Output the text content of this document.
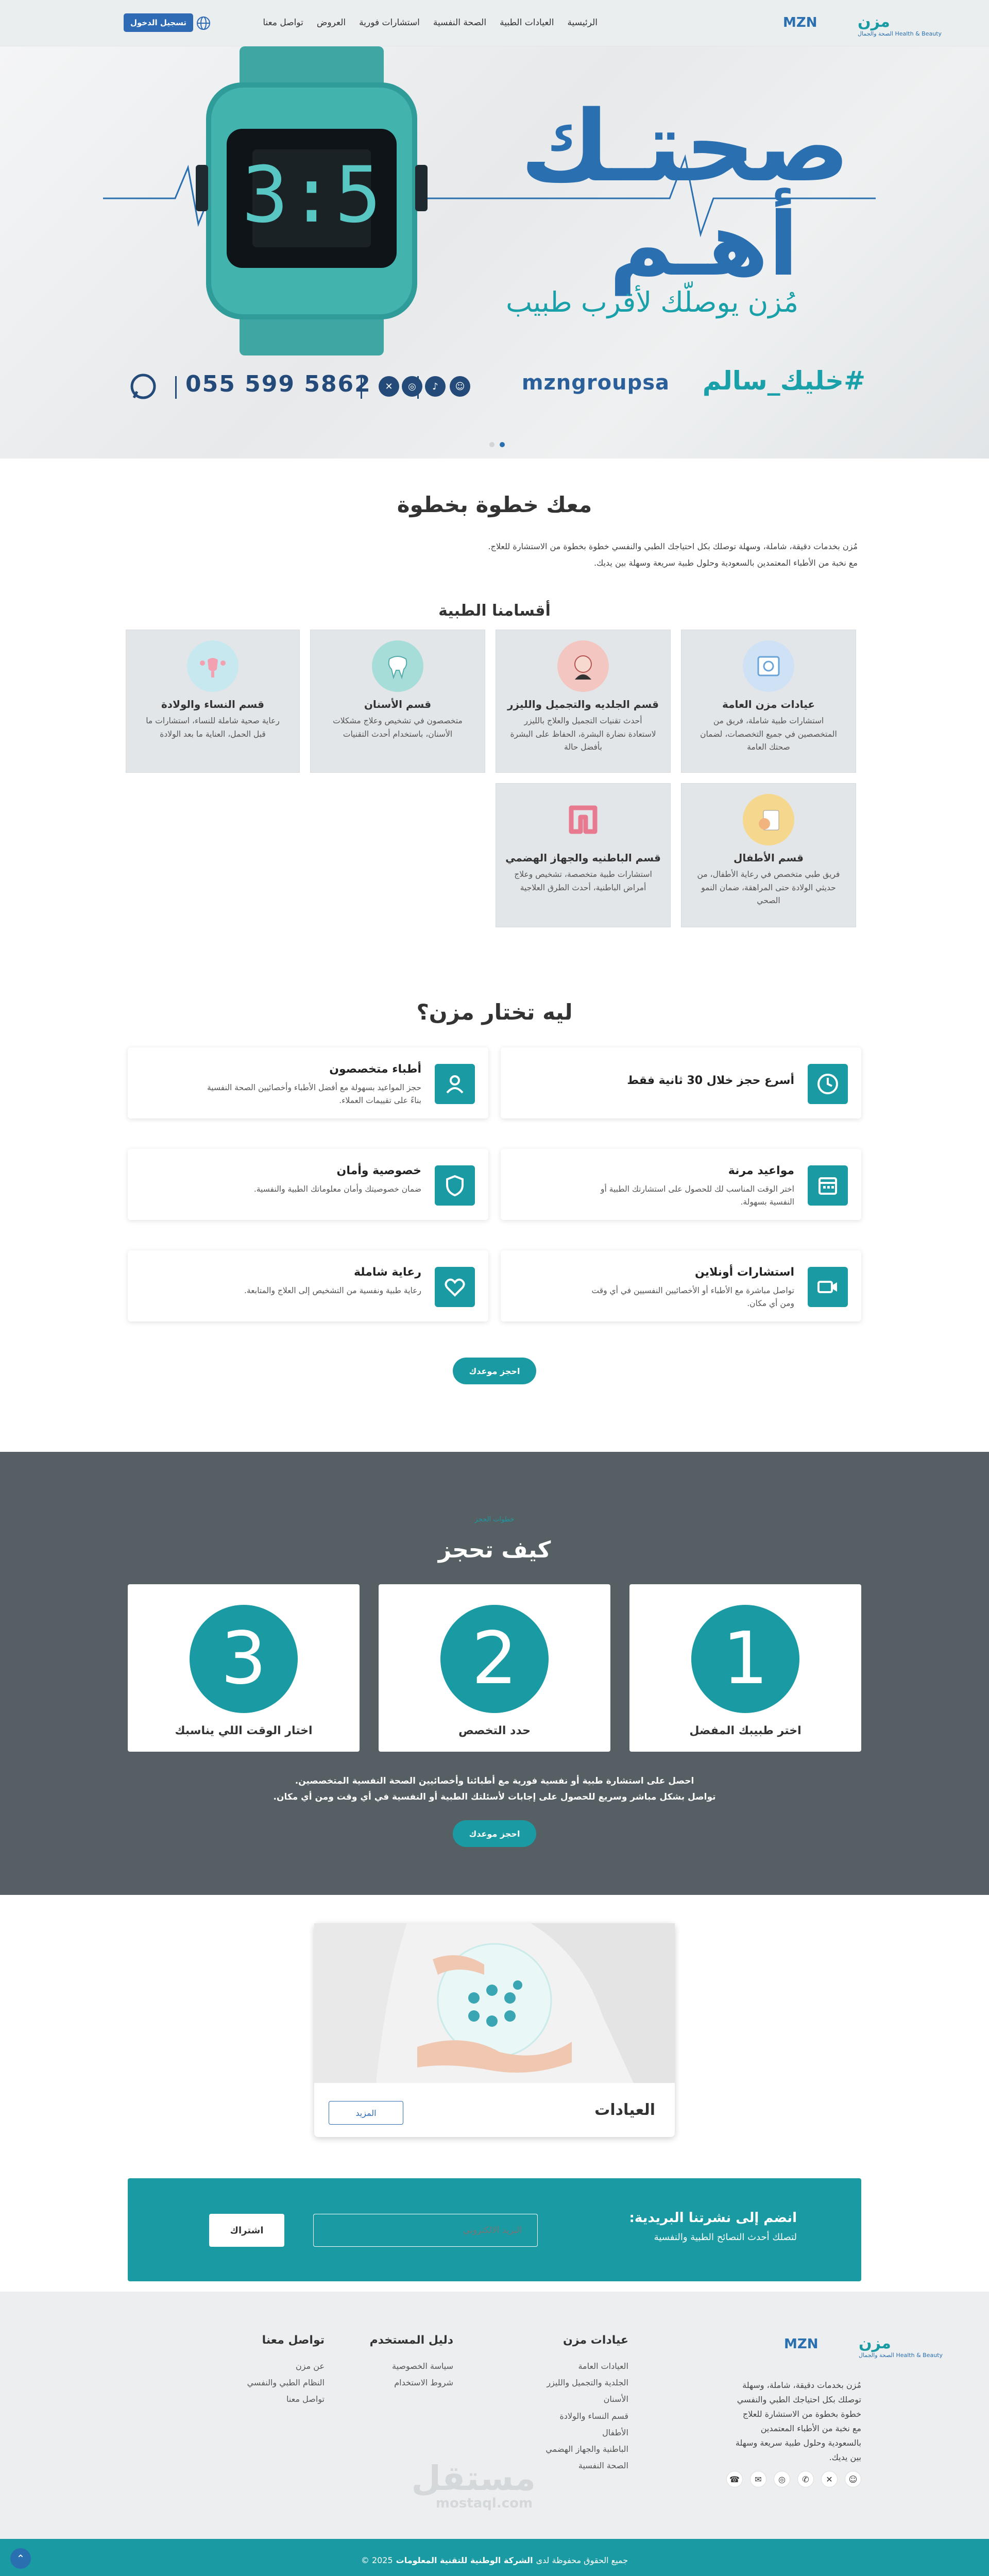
مزن
MZN
Health & Beauty الصحة والجمال
الرئيسية
العيادات الطبية
الصحة النفسية
استشارات فورية
العروض
تواصل معنا
تسجيل الدخول
3:5 صحتـك
أهـم
مُزن يوصلّك لأقرب طبيب
#خليك_سالم
mzngroupsa
✕	◎	♪	☺
055 599 5862
معك خطوة بخطوة
مُزن بخدمات دقيقة، شاملة، وسهلة توصلك بكل احتياجك الطبي والنفسي خطوة بخطوة من الاستشارة للعلاج.
مع نخبة من الأطباء المعتمدين بالسعودية وحلول طبية سريعة وسهلة بين يديك.
أقسامنا الطبية
عيادات مزن العامة

استشارات طبية شاملة، فريق من المتخصصين في جميع التخصصات، لضمان صحتك العامة

قسم الجلديه والتجميل والليزر

أحدث تقنيات التجميل والعلاج بالليزر لاستعادة نضارة البشرة، الحفاظ على البشرة بأفضل حالة

قسم الأسنان

متخصصون في تشخيص وعلاج مشكلات الأسنان، باستخدام أحدث التقنيات

قسم النساء والولادة

رعاية صحية شاملة للنساء، استشارات ما قبل الحمل، العناية ما بعد الولادة

قسم الأطفال

فريق طبي متخصص في رعاية الأطفال، من حديثي الولادة حتى المراهقة، ضمان النمو الصحي

قسم الباطنيه والجهاز الهضمي

استشارات طبية متخصصة، تشخيص وعلاج أمراض الباطنية، أحدث الطرق العلاجية

ليه تختار مزن؟
أسرع حجز خلال 30 ثانية فقط
أطباء متخصصون

حجز المواعيد بسهولة مع أفضل الأطباء وأخصائيين الصحة النفسية بناءً على تقييمات العملاء.

مواعيد مرنة

اختر الوقت المناسب لك للحصول على استشارتك الطبية أو النفسية بسهولة.

خصوصية وأمان

ضمان خصوصيتك وأمان معلوماتك الطبية والنفسية.

استشارات أونلاين

تواصل مباشرة مع الأطباء أو الأخصائيين النفسيين في أي وقت ومن أي مكان.

رعاية شاملة

رعاية طبية ونفسية من التشخيص إلى العلاج والمتابعة.

احجز موعدك
خطوات الحجز
كيف تحجز
1
اختر طبيبك المفضل
2
حدد التخصص
3
اختار الوقت اللي يناسبك
احصل على استشارة طبية أو نفسية فورية مع أطبائنا وأخصائيين الصحة النفسية المتخصصين.
تواصل بشكل مباشر وسريع للحصول على إجابات لأسئلتك الطبية أو النفسية في أي وقت ومن أي مكان.
احجز موعدك
العيادات
المزيد
انضم إلى نشرتنا البريدية:
لتصلك أحدث النصائح الطبية والنفسية
البريد الالكتروني
اشتراك
مزن
MZN
Health & Beauty الصحة والجمال
مُزن بخدمات دقيقة، شاملة، وسهلة توصلك بكل احتياجك الطبي والنفسي خطوة بخطوة من الاستشارة للعلاج مع نخبة من الأطباء المعتمدين بالسعودية وحلول طبية سريعة وسهلة بين يديك.
☺
✕
✆
◎
✉
☎
عيادات مزن
العيادات العامة
الجلدية والتجميل والليزر
الأسنان
قسم النساء والولادة
الأطفال
الباطنية والجهاز الهضمي
الصحة النفسية
دليل المستخدم
سياسة الخصوصية
شروط الاستخدام
تواصل معنا
عن مزن
النظام الطبي والنفسي
تواصل معنا
مستقل
mostaql.com
جميع الحقوق محفوظة لدى
الشركة الوطنية للتقنية المعلومات
2025 ©
⌃
